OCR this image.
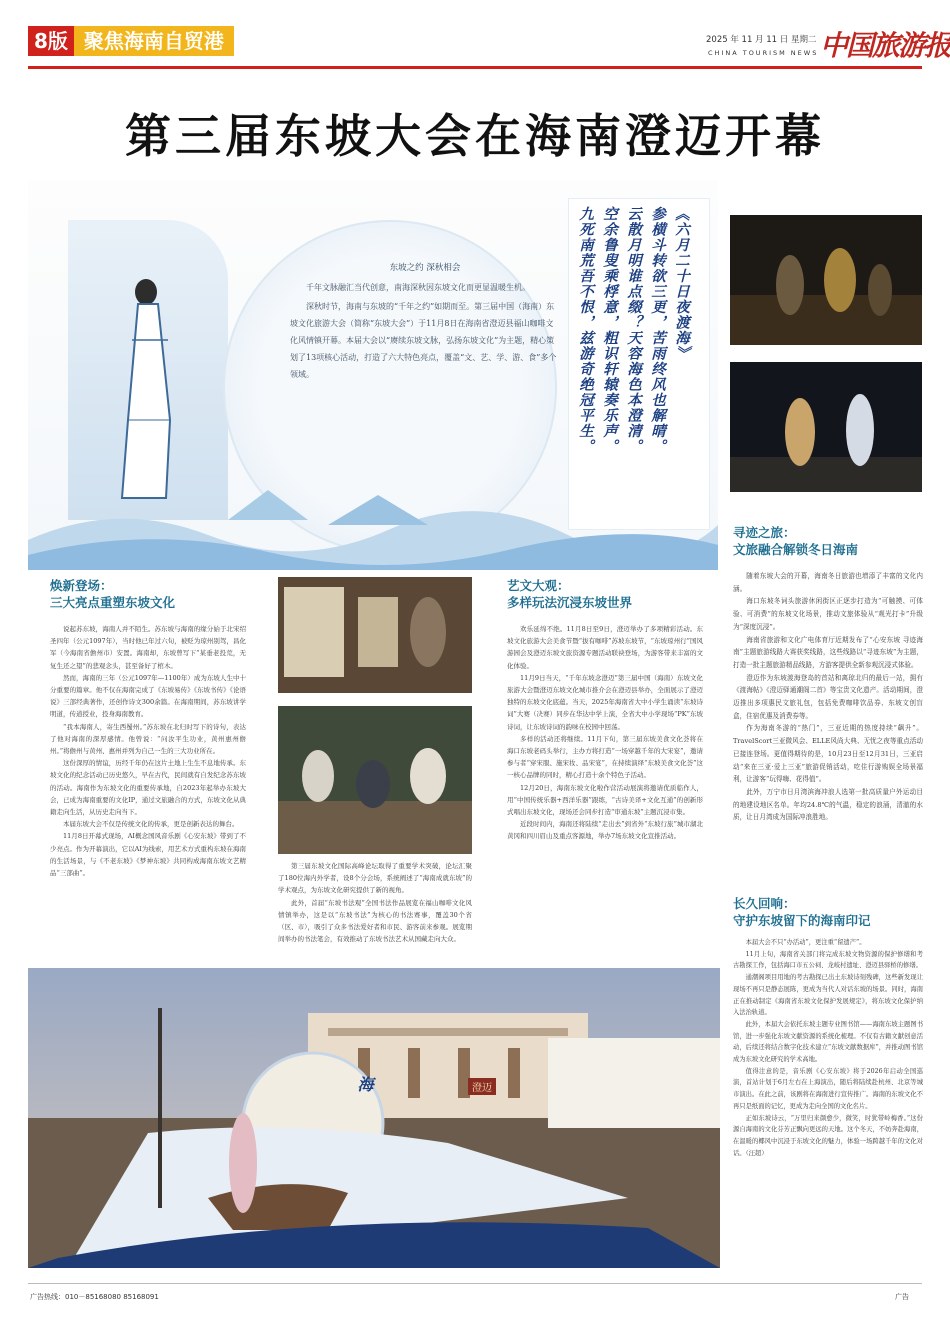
8版 聚焦海南自贸港	2025 年 11 月 11 日 星期二
CHINA TOURISM NEWS 中国旅游报
第三届东坡大会在海南澄迈开幕

东坡之约 深秋相会

千年文脉融汇当代创意，南海深秋因东坡文化而更显温暖生机。

深秋时节，海南与东坡的“千年之约”如期而至。第三届中国（海南）东坡文化旅游大会（简称“东坡大会”）于11月8日在海南省澄迈县福山咖啡文化风情镇开幕。本届大会以“赓续东坡文脉，弘扬东坡文化”为主题，精心策划了13项核心活动，打造了六大特色亮点，覆盖“文、艺、学、游、食”多个领域。

《六月二十日夜渡海》
参横斗转欲三更，苦雨终风也解晴。
云散月明谁点缀？天容海色本澄清。
空余鲁叟乘桴意，粗识轩辕奏乐声。
九死南荒吾不恨，兹游奇绝冠平生。
寻迹之旅：
文旅融合解锁冬日海南

随着东坡大会的开幕，海南冬日旅游也增添了丰富的文化内涵。

海口东坡冬词头旅游休闲街区正逐步打造为“可触摸、可体验、可消费”的东坡文化场景，推动文旅体验从“观光打卡”升级为“深度沉浸”。

海南省旅游和文化广电体育厅近期发布了“心安东坡 寻迹海南”主题旅游线路大赛获奖线路，这些线路以“寻迹东坡”为主题，打造一批主题旅游精品线路，方游客提供全新参观沉浸式体验。

澄迈作为东坡渡海登岛的首站和离琼北归的最后一站，拥有《渡海帖》《澄迈驿通潮阁二首》等宝贵文化遗产。活动期间，澄迈推出多项惠民文旅礼包，包括免费咖啡饮品券、东坡文创盲盒，住宿优惠及消费券等。

作为海南冬游的“热门”，三亚近期的热度持续“飙升”。TravelScort三亚微风会、ELLE风尚大典、无忧之夜等重点活动已接连登场。更值得期待的是，10月23日至12月31日，三亚启动“来在三亚·爱上三亚”旅游促销活动，吃住行游购娱全场景福利，让游客“玩得嗨、花得值”。

此外，万宁市日月湾滨海冲浪人选第一批高质量户外运动目的地建设地区名单。年均24.8℃的气温，稳定的浪涌，清澈的水质，让日月湾成为国际冲浪胜地。

长久回响：
守护东坡留下的海南印记

本届大会不只“办活动”，更注重“留遗产”。

11月上旬，海南省关部门将完成东坡文物资源的保护修缮和考古勘探工作，包括海口市五公祠、龙岐村遗址、澄迈县驿桥的修缮。

通潮阁项目用地的考古勘探已出土东坡诗刻残碑，这些新发现让现场不再只是静态展陈，更成为当代人对话东坡的场景。同时，海南正在推动制定《海南省东坡文化保护发展规定》，将东坡文化保护纳入法治轨道。

此外，本届大会依托东坡主题专业图书馆——海南东坡主题图书馆，进一步强化东坡文献资源的系统化梳理。不仅有古籍文献创意活动，后续还将结合数字化技术建立“东坡文献数据库”，并推动图书馆成为东坡文化研究的学术高地。

值得注意的是，音乐剧《心安东坡》将于2026年启动全国巡演，首站计划于6月左右在上海演出，随后将陆续赴杭州、北京等城市演出。在此之前，该剧将在海南进行宣传推广。海南的东坡文化不再只是纸面的记忆，更成为走向全国的文化名片。

正如东坡诗云，“万里归来颜愈少，微笑，时犹带岭梅香。”这份源自海南的文化芬芳正飘向更远的天地。这个冬天，不妨奔赴海南，在温暖的椰风中沉浸于东坡文化的魅力，体验一场跨越千年的文化对话。（汪超）

焕新登场：
三大亮点重塑东坡文化

说起苏东坡，海南人并不陌生。苏东坡与海南的缘分始于北宋绍圣四年（公元1097年），当时他已年过六旬，被贬为琼州别驾，昌化军（今海南省儋州市）安置。海南却，东坡曾写下“某垂老投荒，无复生还之望”的悲观念头，甚至备好了棺木。

然而，海南的三年（公元1097年—1100年）成为东坡人生中十分重要的篇章。他不仅在海南完成了《东坡易传》《东坡书传》《论语说》三部经典著作，还创作诗文300余篇。在海南期间，苏东坡讲学明道，传道授业，投身海南教育。

“我本海南人，寄生西蜀州。”苏东坡在北归时写下的诗句，表达了他对海南的深厚感情。他曾说：“问汝平生功业，黄州惠州儋州。”将儋州与黄州、惠州并列为自己一生的三大功业所在。

这份深厚的情谊，历经千年仍在这片土地上生生不息地传承。东坡文化的纪念活动已历史悠久，早在古代，民间就有自发纪念苏东坡的活动。海南作为东坡文化的重要传承地，自2023年起举办东坡大会，已成为海南重要的文化IP，通过文旅融合的方式，东坡文化从典籍走向生活，从历史走向当下。

本届东坡大会不仅是传统文化的传承，更是创新表达的舞台。

11月8日开幕式现场，AI概念国风音乐剧《心安东坡》带到了不少亮点。作为开幕演出，它以AI为线索，用艺术方式重构东坡在海南的生活场景，与《不老东坡》《梦神东坡》共同构成海南东坡文艺精品“三部曲”。

第三届东坡文化国际高峰论坛取得了重要学术突破，论坛汇聚了180位海内外学者，设8个分会场，系统阐述了“海南成就东坡”的学术观点，为东坡文化研究提供了新的视角。

此外，首届“东坡书法观”全国书法作品展览在福山咖啡文化风情镇举办，这是以“东坡书法”为核心的书法赛事，覆盖30个省（区、市），吸引了众多书法爱好者和市民、游客前来参观。展览期间举办的书法笔会，有效推动了东坡书法艺术从国藏走向大众。

艺文大观：
多样玩法沉浸东坡世界

欢乐延绵不绝。11月8日至9日，澄迈举办了多项精彩活动。东坡文化旅游大会美食节暨“拔有咖啡”苏坡东坡节，“东坡琼州行”国风游园会及澄迈东坡文旅资源专题活动联袂登场，为游客带来丰富的文化体验。

11月9日当天，“千年东坡念澄迈”第三届中国（海南）东坡文化旅游大会暨澄迈东坡文化城市推介会在澄迈县举办，全面展示了澄迈独特的东坡文化底蕴。当天，2025年海南省大中小学生诵读“东坡诗词”大赛（决赛）同步在华达中学上演，全省大中小学现场“PK”东坡诗词，让东坡诗词的韵味在校园中回荡。

多样的活动还将继续。11月下旬，第三届东坡美食文化荟将在海口东坡老码头举行，主办方将打造“一场穿越千年的大宋宴”，邀请参与者“穿宋服、施宋妆、品宋宴”，在持续演绎“东坡美食文化荟”这一核心品牌的同时，精心打造十余个特色子活动。

12月20日，海南东坡文化啦作营活动展演将邀请优质临作人，用“中国传统乐器+西洋乐器”跟练，“古诗美译+文化互通”的创新形式唱出东坡文化，现场还会同步打造“审通东坡”主题沉浸市集。

近段时间内，海南还将陆续“走出去”到省外“东坡行旅”城市湖北黄冈和四川眉山及重点客源地，举办7场东坡文化宣推活动。

海	澄迈
广告热线：010－85168080 85168091	广告
